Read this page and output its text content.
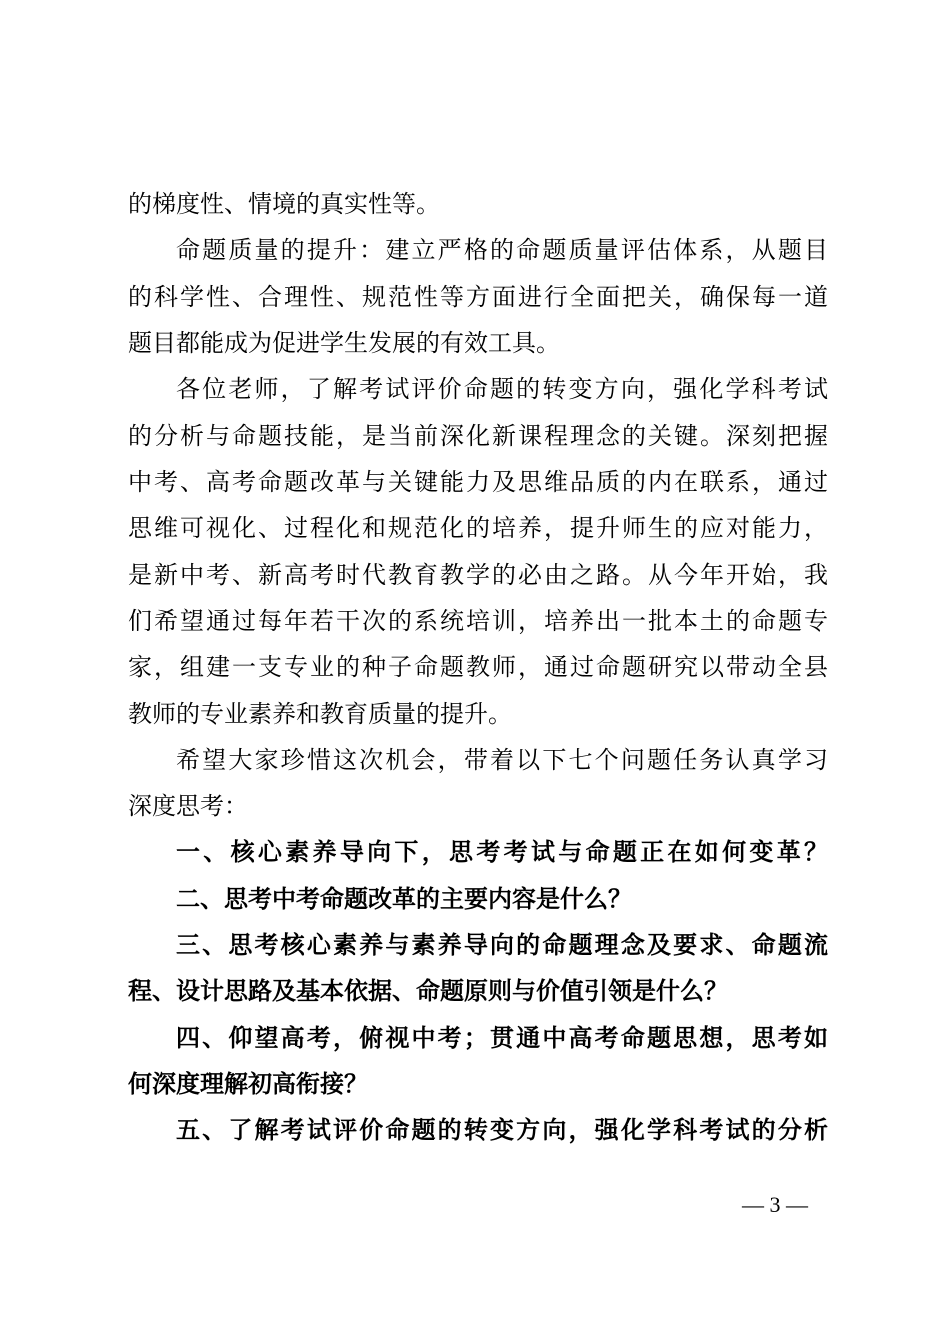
的梯度性、情境的真实性等。
命题质量的提升：建立严格的命题质量评估体系，从题目
的科学性、合理性、规范性等方面进行全面把关，确保每一道
题目都能成为促进学生发展的有效工具。
各位老师，了解考试评价命题的转变方向，强化学科考试
的分析与命题技能，是当前深化新课程理念的关键。深刻把握
中考、高考命题改革与关键能力及思维品质的内在联系，通过
思维可视化、过程化和规范化的培养，提升师生的应对能力，
是新中考、新高考时代教育教学的必由之路。从今年开始，我
们希望通过每年若干次的系统培训，培养出一批本土的命题专
家，组建一支专业的种子命题教师，通过命题研究以带动全县
教师的专业素养和教育质量的提升。
希望大家珍惜这次机会，带着以下七个问题任务认真学习
深度思考：
一、核心素养导向下，思考考试与命题正在如何变革？
二、思考中考命题改革的主要内容是什么？
三、思考核心素养与素养导向的命题理念及要求、命题流
程、设计思路及基本依据、命题原则与价值引领是什么？
四、仰望高考，俯视中考；贯通中高考命题思想，思考如
何深度理解初高衔接？
五、了解考试评价命题的转变方向，强化学科考试的分析
— 3 —
